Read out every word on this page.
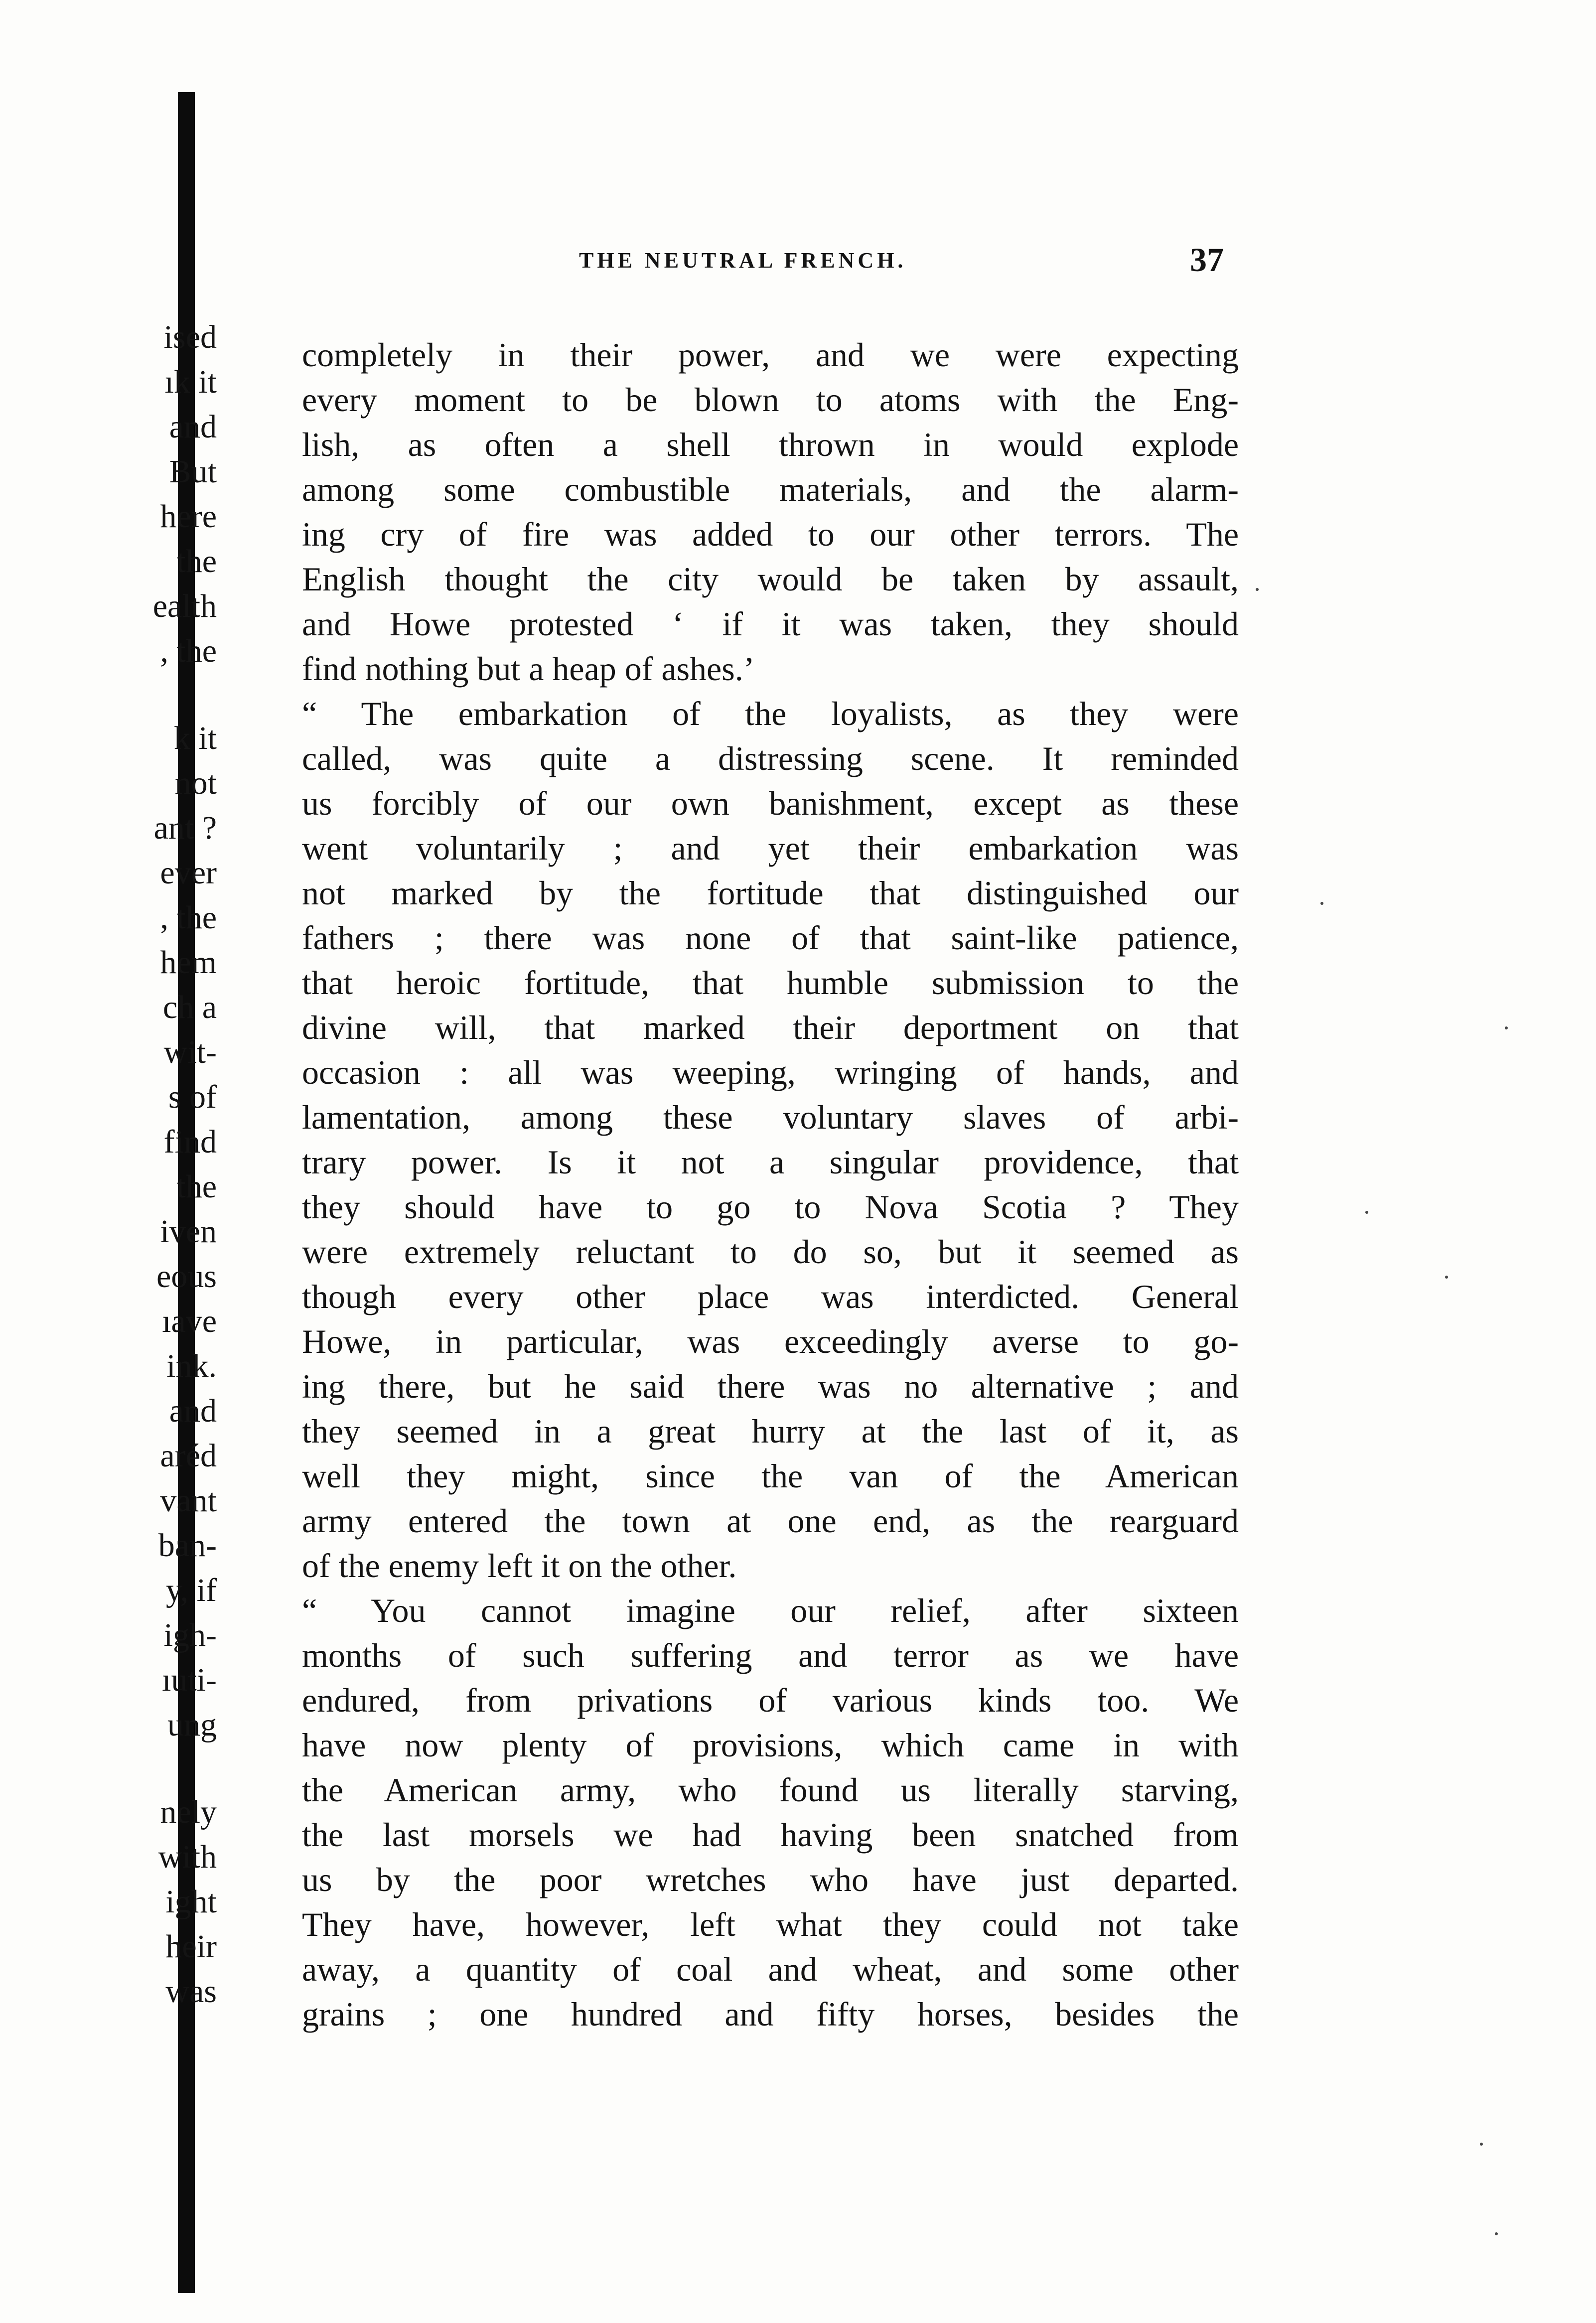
ised
ık it
and
But
here
the
ealth
, the
k it
not
ant ?
ever
, the
hem
ch a
wit-
s of
find
the
iven
eous
ıave
ink.
and
aréd
vant
ban-
y, if
igh-
ıuti-
ung
nely
with
ight
heir
was
THE NEUTRAL FRENCH.	37
completely in their power, and we were expecting
every moment to be blown to atoms with the Eng-
lish, as often a shell thrown in would explode
among some combustible materials, and the alarm-
ing cry of fire was added to our other terrors. The
English thought the city would be taken by assault,
and Howe protested ‘ if it was taken, they should
find nothing but a heap of ashes.’
“ The embarkation of the loyalists, as they were
called, was quite a distressing scene. It reminded
us forcibly of our own banishment, except as these
went voluntarily ; and yet their embarkation was
not marked by the fortitude that distinguished our
fathers ; there was none of that saint-like patience,
that heroic fortitude, that humble submission to the
divine will, that marked their deportment on that
occasion : all was weeping, wringing of hands, and
lamentation, among these voluntary slaves of arbi-
trary power. Is it not a singular providence, that
they should have to go to Nova Scotia ? They
were extremely reluctant to do so, but it seemed as
though every other place was interdicted. General
Howe, in particular, was exceedingly averse to go-
ing there, but he said there was no alternative ; and
they seemed in a great hurry at the last of it, as
well they might, since the van of the American
army entered the town at one end, as the rearguard
of the enemy left it on the other.
“ You cannot imagine our relief, after sixteen
months of such suffering and terror as we have
endured, from privations of various kinds too. We
have now plenty of provisions, which came in with
the American army, who found us literally starving,
the last morsels we had having been snatched from
us by the poor wretches who have just departed.
They have, however, left what they could not take
away, a quantity of coal and wheat, and some other
grains ; one hundred and fifty horses, besides the
